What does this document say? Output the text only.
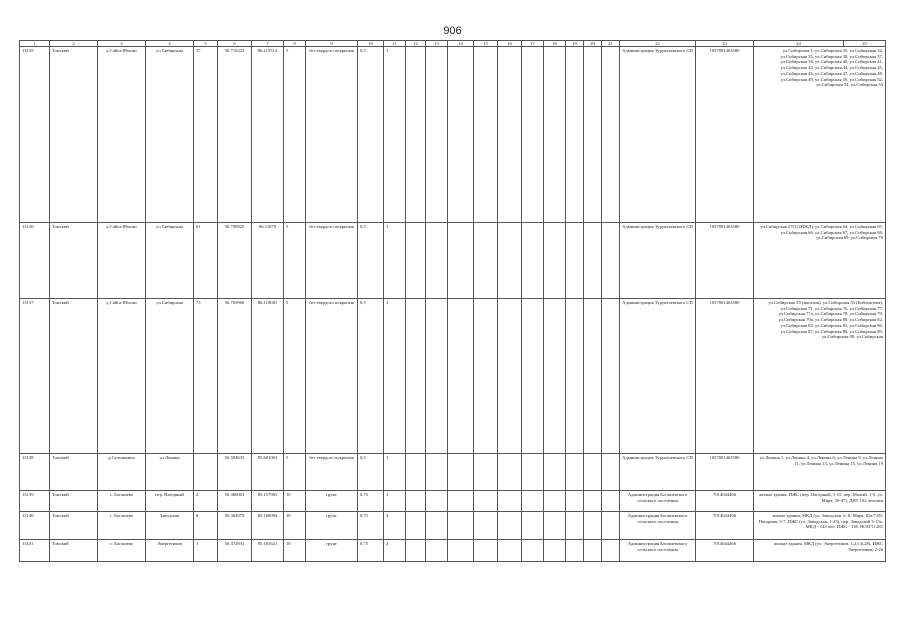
906
1	2	3	4	5	6	7	8	9	10	11	12	13	14	15	16	17	18	19	20	21	22	23	24	25
13135	Томский	д.Сайга-Яблоко	ул.Сибирская	37	56.716332	86.115512	5	без твердого покрытия	0,5	1											Администрация Турунтаевского СП	1057001463580	ул.Сибирская 1, ул.Сибирская 35, ул.Сибирская 34, ул.Сибирская 35, ул.Сибирская 38, ул.Сибирская 37, ул.Сибирская 38, ул.Сибирская 40, ул.Сибирская 41, ул.Сибирская 43, ул.Сибирская 44, ул.Сибирская 45, ул.Сибирская 46, ул.Сибирская 47, ул.Сибирская 48, ул.Сибирская 49, ул.Сибирская 50, ул.Сибирская 52, ул.Сибирская 54, ул.Сибирская 53	
13136	Томский	д.Сайга-Яблоко	ул.Сибирская	61	56.709925	86.11679	5	без твердого покрытия	0,5	1											Администрация Турунтаевского СП	1057001463580	ул.Сибирская 57(1) (ИЖД), ул.Сибирская 64, ул.Сибирская 65, ул.Сибирская 66, ул.Сибирская 67, ул.Сибирская 68, ул.Сибирская 69, ул.Сибирская 70	
13137	Томский	д.Сайга-Яблоко	ул.Сибирская	75	56.705966	86.118081	5	без твердого покрытия	0,5	1											Администрация Турунтаевского СП	1057001463580	ул.Сибирская 59 (магазин), ул.Сибирская 53 (Библиотека), ул.Сибирская 71, ул.Сибирская 76, ул.Сибирская 77, ул.Сибирская 77а, ул.Сибирская 78, ул.Сибирская 79, ул.Сибирская 79а, ул.Сибирская 80, ул.Сибирская 82, ул.Сибирская 84, ул.Сибирская 85, ул.Сибирская 86, ул.Сибирская 87, ул.Сибирская 88, ул.Сибирская 89, ул.Сибирская 90, ул.Сибирская	
13138	Томский	д.Султанкино	ул.Ленина		56.594633	85.601063	5	без твердого покрытия	0,5	1											Администрация Турунтаевского СП	1057001463580	ул.Ленина 1, ул.Ленина 4, ул.Ленина 6, ул.Ленина 9, ул.Ленина 11, ул.Ленина 13, ул.Ленина 15, ул.Ленина 19	
13139	Томский	с. Богашево	пер. Нагорный	2	56.366003	85.157965	10	грунт	0,75	1											Администрация Богашевского сельского поселения	7014044466	жилые здания, ИЖС (пер. Нагорный, 1-15, пер. Малый, 1-5, ул. Мира, 39-47), ДНТ 102 человек	
13140	Томский	с. Богашево	Заводская	8	56.364979	85.168084	10	грунт	0,75	4											Администрация Богашевского сельского поселения	7014044466	жилые здания, МКД (ул. Заводская, 6, 8; Мира, 65а/7,69; Нагорная, 5-7, ИЖС (ул. Заводская, 1-23), пер. Заводской 3-15а, МКД - 143 чел, ИЖС - 138, ВСЕГО 281	
13141	Томский	с. Богашево	Энергетиков	1	56.372931	85.181621	10	грунт	0,75	2											Администрация Богашевского сельского поселения	7014044466	жилые здания, МКД (ул. Энергетиков, 1,2,5,6,28), ИЖС Энергетиков, 2-26	
